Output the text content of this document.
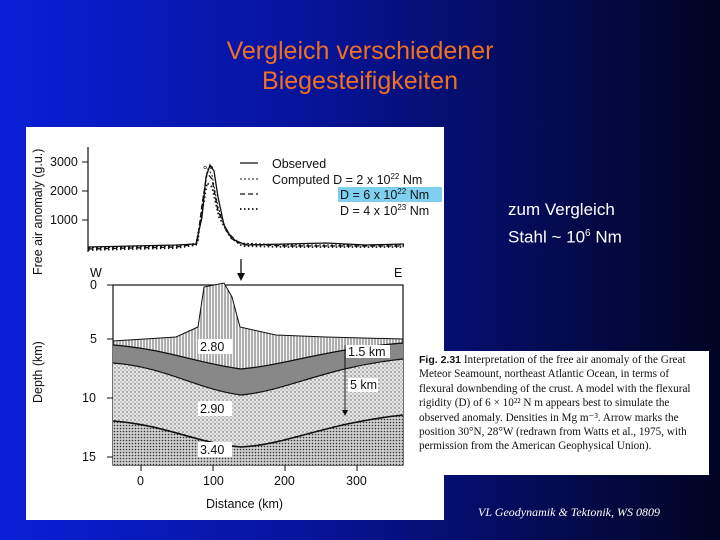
Vergleich verschiedener
Biegesteifigkeiten
Free air anomaly (g.u.) 3000
2000
1000
∘∘	Observed
Computed D = 2 x $10^{22}$ Nm
D = 6 x $10^{22}$ Nm
D = 4 x $10^{23}$ Nm
W	E
2.80
2.90
3.40
1.5 km
5 km
Depth (km)
0
5
10
15
0	100	200	300
Distance (km)
zum Vergleich
Stahl ~ $10^6$ Nm
Fig. 2.31 Interpretation of the free air anomaly of the Great Meteor Seamount, northeast Atlantic Ocean, in terms of flexural downbending of the crust. A model with the flexural rigidity (D) of 6 × 10²² N m appears best to simulate the observed anomaly. Densities in Mg m⁻³. Arrow marks the position 30°N, 28°W (redrawn from Watts et al., 1975, with permission from the American Geophysical Union).
VL Geodynamik & Tektonik, WS 0809
